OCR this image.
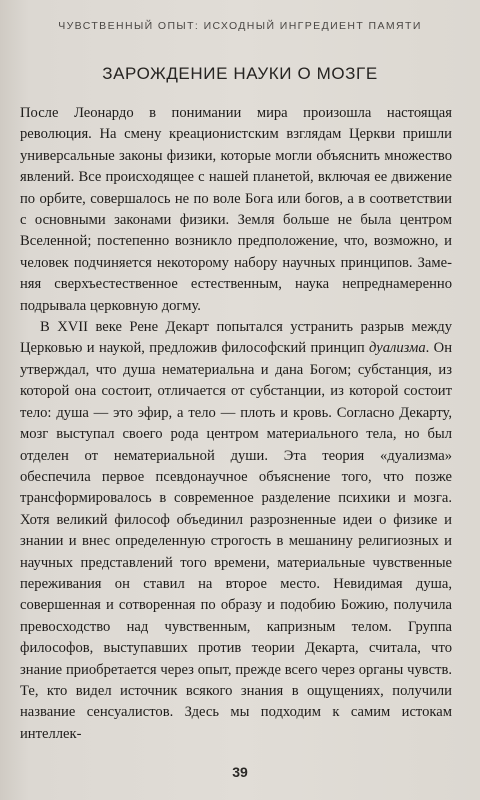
ЧУВСТВЕННЫЙ ОПЫТ: ИСХОДНЫЙ ИНГРЕДИЕНТ ПАМЯТИ
ЗАРОЖДЕНИЕ НАУКИ О МОЗГЕ

После Леонардо в понимании мира произошла настоящая революция. На смену креационистским взглядам Церкви пришли универсальные законы физики, которые могли объяснить множество явлений. Все происходящее с нашей планетой, включая ее движение по орбите, совершалось не по воле Бога или богов, а в соответствии с основными законами физики. Земля больше не была центром Вселенной; постепенно возникло предположение, что, возможно, и человек подчиняется некоторому набору научных принципов. Заменяя сверхъестественное естественным, наука непреднамеренно подрывала церковную догму.

В XVII веке Рене Декарт попытался устранить разрыв между Церковью и наукой, предложив философский принцип дуализма. Он утверждал, что душа нематериальна и дана Богом; субстанция, из которой она состоит, отличается от субстанции, из которой состоит тело: душа — это эфир, а тело — плоть и кровь. Согласно Декарту, мозг выступал своего рода центром материального тела, но был отделен от нематериальной души. Эта теория «дуализма» обеспечила первое псевдонаучное объяснение того, что позже трансформировалось в современное разделение психики и мозга. Хотя великий философ объединил разрозненные идеи о физике и знании и внес определенную строгость в мешанину религиозных и научных представлений того времени, материальные чувственные переживания он ставил на второе место. Невидимая душа, совершенная и сотворенная по образу и подобию Божию, получила превосходство над чувственным, капризным телом. Группа философов, выступавших против теории Декарта, считала, что знание приобретается через опыт, прежде всего через органы чувств. Те, кто видел источник всякого знания в ощущениях, получили название сенсуалистов. Здесь мы подходим к самим истокам интеллек-

39
